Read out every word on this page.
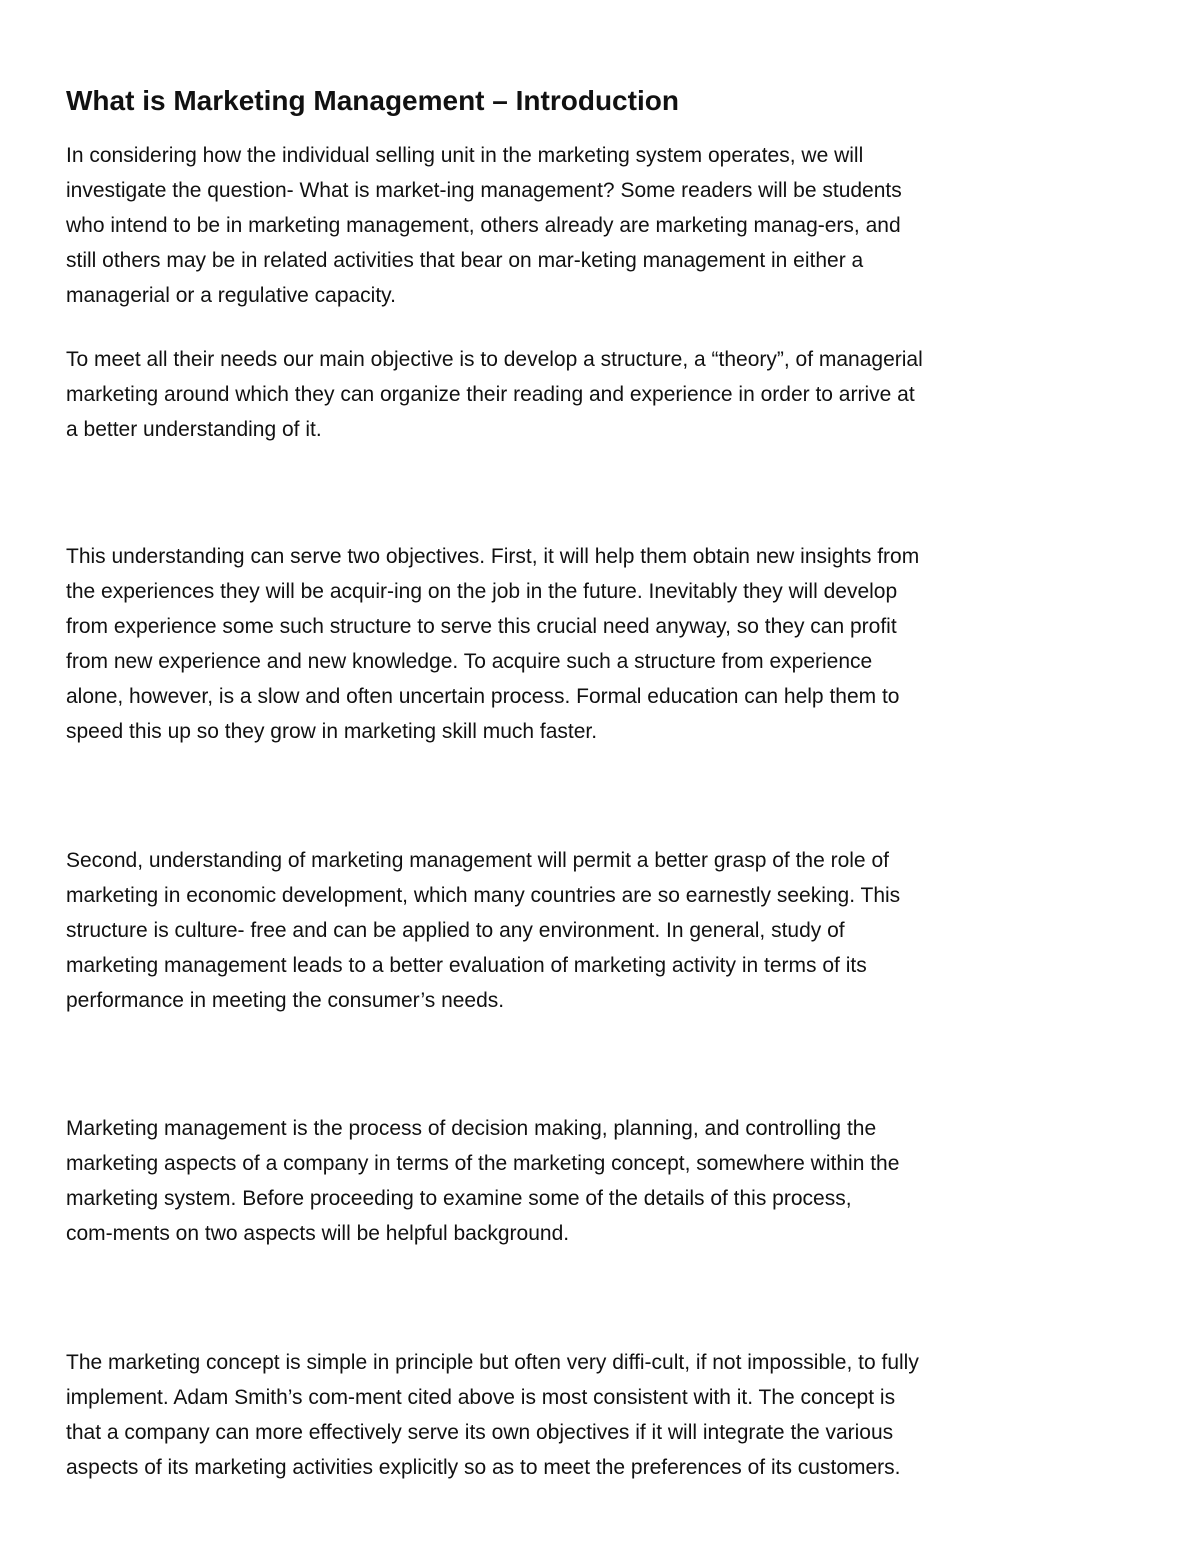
What is Marketing Management – Introduction

In considering how the individual selling unit in the marketing system operates, we will
investigate the question- What is market-ing management? Some readers will be students
who intend to be in marketing management, others already are marketing manag-ers, and
still others may be in related activities that bear on mar-keting management in either a
managerial or a regulative capacity.

To meet all their needs our main objective is to develop a structure, a “theory”, of managerial
marketing around which they can organize their reading and experience in order to arrive at
a better understanding of it.

This understanding can serve two objectives. First, it will help them obtain new insights from
the experiences they will be acquir-ing on the job in the future. Inevitably they will develop
from experience some such structure to serve this crucial need anyway, so they can profit
from new experience and new knowledge. To acquire such a structure from experience
alone, however, is a slow and often uncertain process. Formal education can help them to
speed this up so they grow in marketing skill much faster.

Second, understanding of marketing management will permit a better grasp of the role of
marketing in economic development, which many countries are so earnestly seeking. This
structure is culture- free and can be applied to any environment. In general, study of
marketing management leads to a better evaluation of marketing activity in terms of its
performance in meeting the consumer’s needs.

Marketing management is the process of decision making, planning, and controlling the
marketing aspects of a company in terms of the marketing concept, somewhere within the
marketing system. Before proceeding to examine some of the details of this process,
com-ments on two aspects will be helpful background.

The marketing concept is simple in principle but often very diffi-cult, if not impossible, to fully
implement. Adam Smith’s com-ment cited above is most consistent with it. The concept is
that a company can more effectively serve its own objectives if it will integrate the various
aspects of its marketing activities explicitly so as to meet the preferences of its customers.
